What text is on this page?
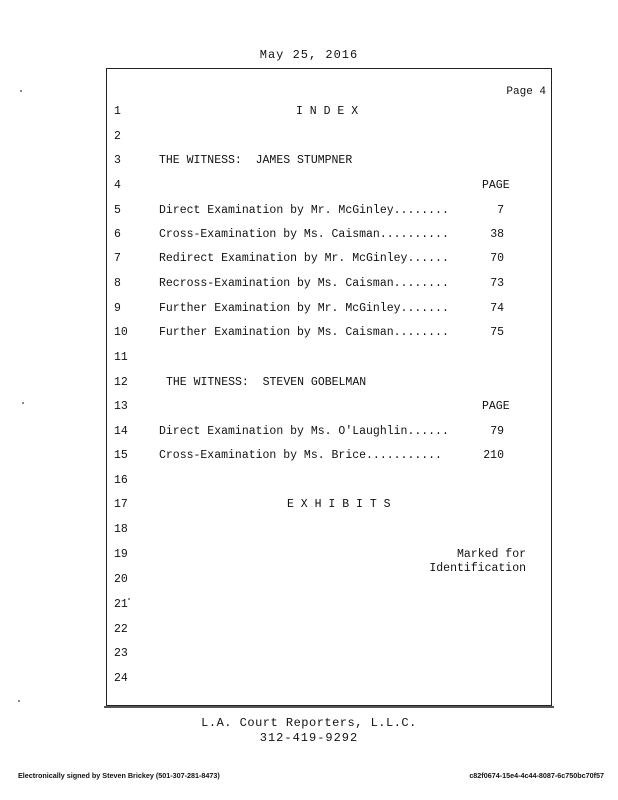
May 25, 2016
Page 4
1
2
3
4
5
6
7
8
9
10
11
12
13
14
15
16
17
18
19
20
21
22
23
24
I N D E X
THE WITNESS:  JAMES STUMPNER
PAGE
Direct Examination by Mr. McGinley........	7
Cross-Examination by Ms. Caisman..........	38
Redirect Examination by Mr. McGinley......	70
Recross-Examination by Ms. Caisman........	73
Further Examination by Mr. McGinley.......	74
Further Examination by Ms. Caisman........	75
THE WITNESS:  STEVEN GOBELMAN
PAGE
Direct Examination by Ms. O'Laughlin......	79
Cross-Examination by Ms. Brice...........	210
E X H I B I T S
Marked for
Identification
L.A. Court Reporters, L.L.C.
312-419-9292
Electronically signed by Steven Brickey (501-307-281-8473)	c82f0674-15e4-4c44-8087-6c750bc70f57
